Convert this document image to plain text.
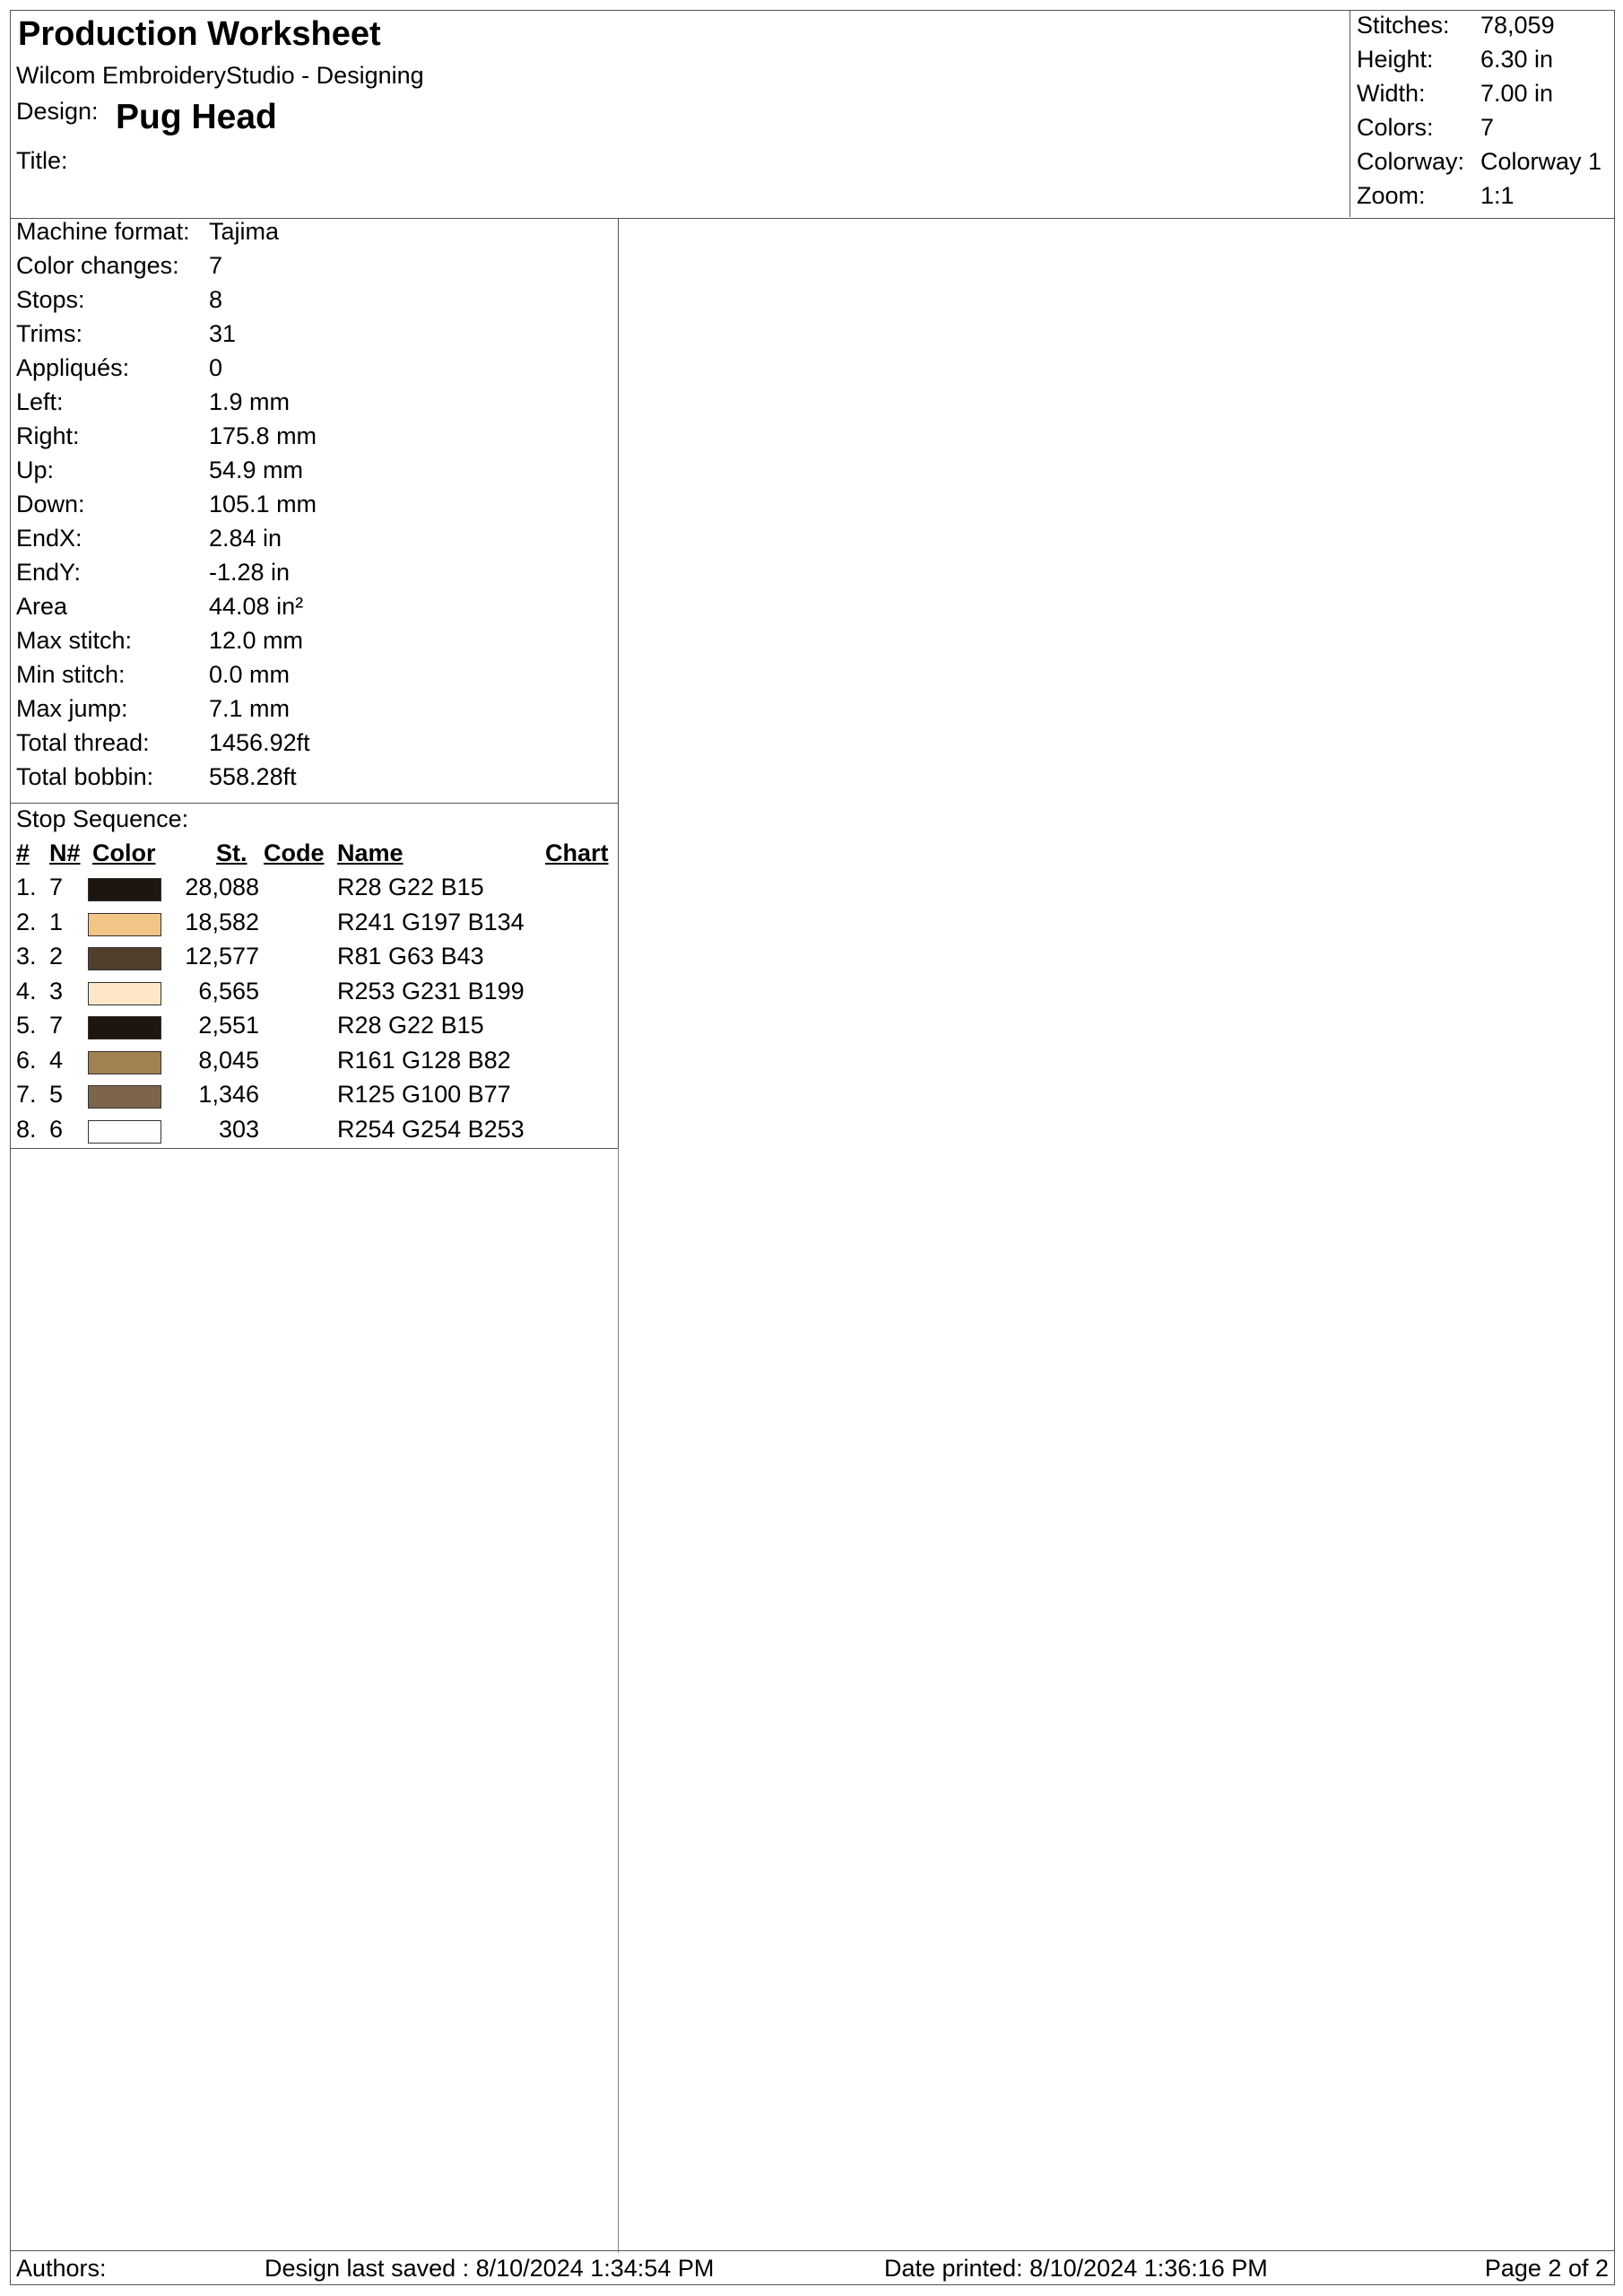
Production Worksheet
Wilcom EmbroideryStudio - Designing
Design: Pug Head
Title:
Stitches: 78,059
Height: 6.30 in
Width: 7.00 in
Colors: 7
Colorway: Colorway 1
Zoom: 1:1
Machine format: Tajima
Color changes: 7
Stops:	8
Trims:	31
Appliqués:	0
Left:	1.9 mm
Right:	175.8 mm
Up:	54.9 mm
Down:	105.1 mm
EndX:	2.84 in
EndY:	-1.28 in
Area	44.08 in²
Max stitch:	12.0 mm
Min stitch:	0.0 mm
Max jump:	7.1 mm
Total thread: 1456.92ft
Total bobbin: 558.28ft
Stop Sequence:
# N# Color	St. Code Name	Chart
1. 7	28,088	R28 G22 B15
2. 1	18,582	R241 G197 B134
3. 2	12,577	R81 G63 B43
4. 3	6,565	R253 G231 B199
5. 7	2,551	R28 G22 B15
6. 4	8,045	R161 G128 B82
7. 5	1,346	R125 G100 B77
8. 6	303	R254 G254 B253
Authors:	Design last saved : 8/10/2024 1:34:54 PM	Date printed: 8/10/2024 1:36:16 PM	Page 2 of 2
